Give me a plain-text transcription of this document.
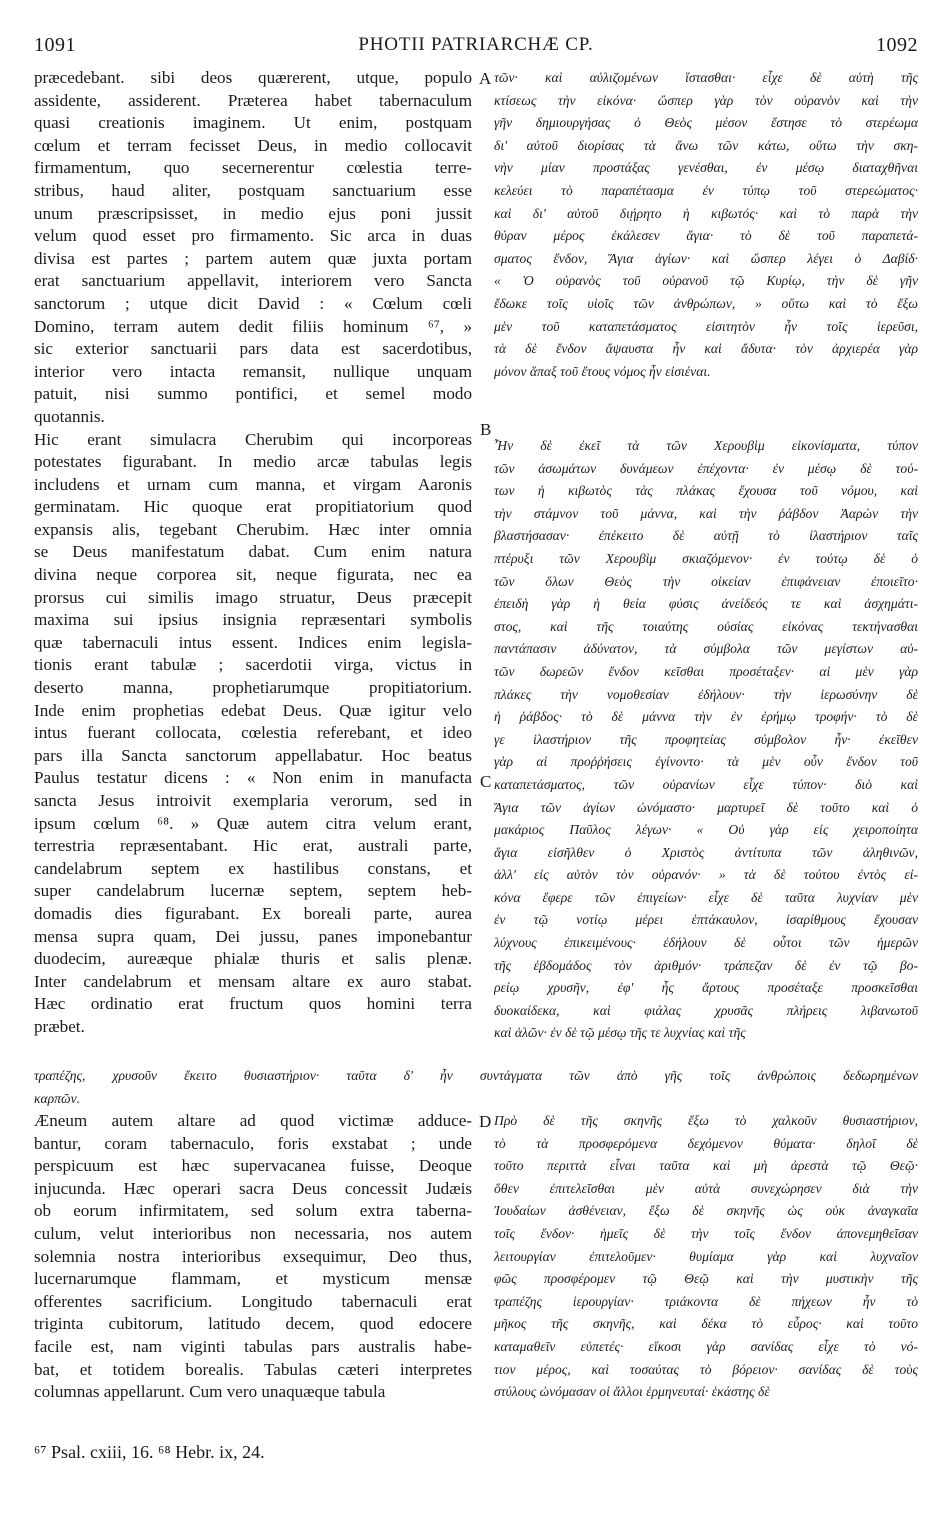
1091	PHOTII PATRIARCHÆ CP.	1092
præcedebant. sibi deos quærerent, utque, populo
assidente, assiderent. Præterea habet tabernaculum
quasi creationis imaginem. Ut enim, postquam
cœlum et terram fecisset Deus, in medio collocavit
firmamentum, quo secernerentur cœlestia terre-
stribus, haud aliter, postquam sanctuarium esse
unum præscripsisset, in medio ejus poni jussit
velum quod esset pro firmamento. Sic arca in duas
divisa est partes ; partem autem quæ juxta portam
erat sanctuarium appellavit, interiorem vero Sancta
sanctorum ; utque dicit David : « Cœlum cœli
Domino, terram autem dedit filiis hominum ⁶⁷, »
sic exterior sanctuarii pars data est sacerdotibus,
interior vero intacta remansit, nullique unquam
patuit, nisi summo pontifici, et semel modo
quotannis.
Hic erant simulacra Cherubim qui incorporeas
potestates figurabant. In medio arcæ tabulas legis
includens et urnam cum manna, et virgam Aaronis
germinatam. Hic quoque erat propitiatorium quod
expansis alis, tegebant Cherubim. Hæc inter omnia
se Deus manifestatum dabat. Cum enim natura
divina neque corporea sit, neque figurata, nec ea
prorsus cui similis imago struatur, Deus præcepit
maxima sui ipsius insignia repræsentari symbolis
quæ tabernaculi intus essent. Indices enim legisla-
tionis erant tabulæ ; sacerdotii virga, victus in
deserto manna, prophetiarumque propitiatorium.
Inde enim prophetias edebat Deus. Quæ igitur velo
intus fuerant collocata, cœlestia referebant, et ideo
pars illa Sancta sanctorum appellabatur. Hoc beatus
Paulus testatur dicens : « Non enim in manufacta
sancta Jesus introivit exemplaria verorum, sed in
ipsum cœlum ⁶⁸. » Quæ autem citra velum erant,
terrestria repræsentabant. Hic erat, australi parte,
candelabrum septem ex hastilibus constans, et
super candelabrum lucernæ septem, septem heb-
domadis dies figurabant. Ex boreali parte, aurea
mensa supra quam, Dei jussu, panes imponebantur
duodecim, aureæque phialæ thuris et salis plenæ.
Inter candelabrum et mensam altare ex auro stabat.
Hæc ordinatio erat fructum quos homini terra
præbet.
τῶν· καὶ αὐλιζομένων ἵστασθαι· εἶχε δὲ αὐτὴ τῆς
κτίσεως τὴν εἰκόνα· ὥσπερ γὰρ τὸν οὐρανὸν καὶ τὴν
γῆν δημιουργήσας ὁ Θεὸς μέσον ἔστησε τὸ στερέωμα
δι' αὐτοῦ διορίσας τὰ ἄνω τῶν κάτω, οὕτω τὴν σκη-
νὴν μίαν προστάξας γενέσθαι, ἐν μέσῳ διαταχθῆναι
κελεύει τὸ παραπέτασμα ἐν τύπῳ τοῦ στερεώματος·
καὶ δι' αὐτοῦ διῄρητο ἡ κιβωτός· καὶ τὸ παρὰ τὴν
θύραν μέρος ἐκάλεσεν ἅγια· τὸ δὲ τοῦ παραπετά-
σματος ἔνδον, Ἅγια ἁγίων· καὶ ὥσπερ λέγει ὁ Δαβίδ·
« Ὁ οὐρανὸς τοῦ οὐρανοῦ τῷ Κυρίῳ, τὴν δὲ γῆν
ἔδωκε τοῖς υἱοῖς τῶν ἀνθρώπων, » οὕτω καὶ τὸ ἔξω
μὲν τοῦ καταπετάσματος εἰσιτητὸν ἦν τοῖς ἱερεῦσι,
τὰ δὲ ἔνδον ἄψαυστα ἦν καὶ ἄδυτα· τὸν ἀρχιερέα γὰρ
μόνον ἅπαξ τοῦ ἔτους νόμος ἦν εἰσιέναι.
Ἦν δὲ ἐκεῖ τὰ τῶν Χερουβὶμ εἰκονίσματα, τύπον
τῶν ἀσωμάτων δυνάμεων ἐπέχοντα· ἐν μέσῳ δὲ τού-
των ἡ κιβωτὸς τὰς πλάκας ἔχουσα τοῦ νόμου, καὶ
τὴν στάμνον τοῦ μάννα, καὶ τὴν ῥάβδον Ἀαρὼν τὴν
βλαστήσασαν· ἐπέκειτο δὲ αὐτῇ τὸ ἱλαστήριον ταῖς
πτέρυξι τῶν Χερουβὶμ σκιαζόμενον· ἐν τούτῳ δὲ ὁ
τῶν ὅλων Θεὸς τὴν οἰκείαν ἐπιφάνειαν ἐποιεῖτο·
ἐπειδὴ γὰρ ἡ θεία φύσις ἀνείδεός τε καὶ ἀσχημάτι-
στος, καὶ τῆς τοιαύτης οὐσίας εἰκόνας τεκτήνασθαι
παντάπασιν ἀδύνατον, τὰ σύμβολα τῶν μεγίστων αὐ-
τῶν δωρεῶν ἔνδον κεῖσθαι προσέταξεν· αἱ μὲν γὰρ
πλάκες τὴν νομοθεσίαν ἐδήλουν· τὴν ἱερωσύνην δὲ
ἡ ῥάβδος· τὸ δὲ μάννα τὴν ἐν ἐρήμῳ τροφήν· τὸ δὲ
γε ἱλαστήριον τῆς προφητείας σύμβολον ἦν· ἐκεῖθεν
γὰρ αἱ προῤῥήσεις ἐγίνοντο· τὰ μὲν οὖν ἔνδον τοῦ
καταπετάσματος, τῶν οὐρανίων εἶχε τύπον· διὸ καὶ
Ἅγια τῶν ἁγίων ὠνόμαστο· μαρτυρεῖ δὲ τοῦτο καὶ ὁ
μακάριος Παῦλος λέγων· « Οὐ γὰρ εἰς χειροποίητα
ἅγια εἰσῆλθεν ὁ Χριστὸς ἀντίτυπα τῶν ἀληθινῶν,
ἀλλ' εἰς αὐτὸν τὸν οὐρανόν· » τὰ δὲ τούτου ἐντὸς εἰ-
κόνα ἔφερε τῶν ἐπιγείων· εἶχε δὲ ταῦτα λυχνίαν μὲν
ἐν τῷ νοτίῳ μέρει ἑπτάκαυλον, ἰσαρίθμους ἔχουσαν
λύχνους ἐπικειμένους· ἐδήλουν δὲ οὗτοι τῶν ἡμερῶν
τῆς ἑβδομάδος τὸν ἀριθμόν· τράπεζαν δὲ ἐν τῷ βο-
ρείῳ χρυσῆν, ἐφ' ἧς ἄρτους προσέταξε προσκεῖσθαι
δυοκαίδεκα, καὶ φιάλας χρυσᾶς πλήρεις λιβανωτοῦ
καὶ ἁλῶν· ἐν δὲ τῷ μέσῳ τῆς τε λυχνίας καὶ τῆς
τραπέζης, χρυσοῦν ἔκειτο θυσιαστήριον· ταῦτα δ' ἦν συντάγματα τῶν ἀπὸ γῆς τοῖς ἀνθρώποις δεδωρημένων
καρπῶν.
Æneum autem altare ad quod victimæ adduce-
bantur, coram tabernaculo, foris exstabat ; unde
perspicuum est hæc supervacanea fuisse, Deoque
injucunda. Hæc operari sacra Deus concessit Judæis
ob eorum infirmitatem, sed solum extra taberna-
culum, velut interioribus non necessaria, nos autem
solemnia nostra interioribus exsequimur, Deo thus,
lucernarumque flammam, et mysticum mensæ
offerentes sacrificium. Longitudo tabernaculi erat
triginta cubitorum, latitudo decem, quod edocere
facile est, nam viginti tabulas pars australis habe-
bat, et totidem borealis. Tabulas cæteri interpretes
columnas appellarunt. Cum vero unaquæque tabula
Πρὸ δὲ τῆς σκηνῆς ἔξω τὸ χαλκοῦν θυσιαστήριον,
τὸ τὰ προσφερόμενα δεχόμενον θύματα· δηλοῖ δὲ
τοῦτο περιττὰ εἶναι ταῦτα καὶ μὴ ἀρεστὰ τῷ Θεῷ·
ὅθεν ἐπιτελεῖσθαι μὲν αὐτὰ συνεχώρησεν διὰ τὴν
Ἰουδαίων ἀσθένειαν, ἔξω δὲ σκηνῆς ὡς οὐκ ἀναγκαῖα
τοῖς ἔνδον· ἡμεῖς δὲ τὴν τοῖς ἔνδον ἀπονεμηθεῖσαν
λειτουργίαν ἐπιτελοῦμεν· θυμίαμα γὰρ καὶ λυχναῖον
φῶς προσφέρομεν τῷ Θεῷ καὶ τὴν μυστικὴν τῆς
τραπέζης ἱερουργίαν· τριάκοντα δὲ πήχεων ἦν τὸ
μῆκος τῆς σκηνῆς, καὶ δέκα τὸ εὖρος· καὶ τοῦτο
καταμαθεῖν εὐπετές· εἴκοσι γὰρ σανίδας εἶχε τὸ νό-
τιον μέρος, καὶ τοσαύτας τὸ βόρειον· σανίδας δὲ τοὺς
στύλους ὠνόμασαν οἱ ἄλλοι ἑρμηνευταί· ἑκάστης δὲ
A
B
C
D
⁶⁷ Psal. cxiii, 16. ⁶⁸ Hebr. ix, 24.
